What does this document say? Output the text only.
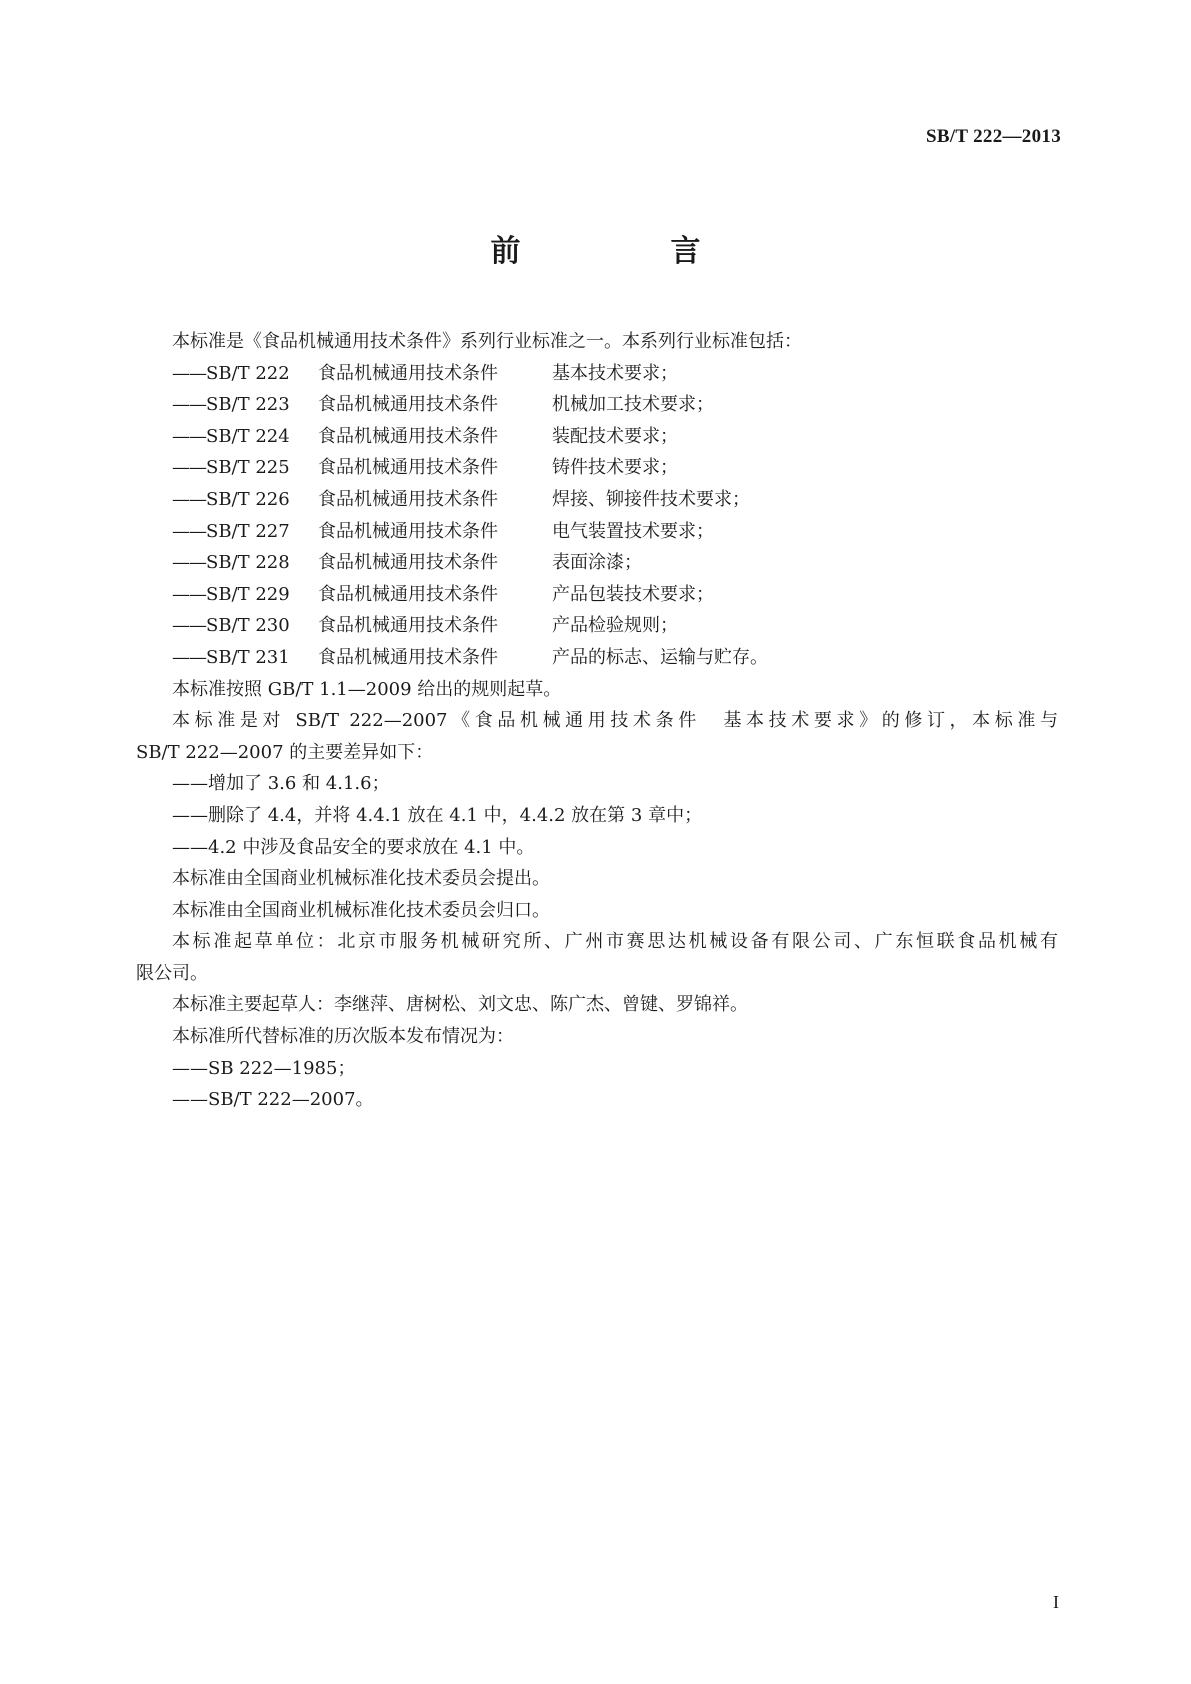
SB/T 222—2013
前　言

本标准是《食品机械通用技术条件》系列行业标准之一。本系列行业标准包括：

——SB/T 222 食品机械通用技术条件	基本技术要求；

——SB/T 223 食品机械通用技术条件	机械加工技术要求；

——SB/T 224 食品机械通用技术条件	装配技术要求；

——SB/T 225 食品机械通用技术条件	铸件技术要求；

——SB/T 226 食品机械通用技术条件	焊接、铆接件技术要求；

——SB/T 227 食品机械通用技术条件	电气装置技术要求；

——SB/T 228 食品机械通用技术条件	表面涂漆；

——SB/T 229 食品机械通用技术条件	产品包装技术要求；

——SB/T 230 食品机械通用技术条件	产品检验规则；

——SB/T 231 食品机械通用技术条件	产品的标志、运输与贮存。

本标准按照 GB/T 1.1—2009 给出的规则起草。

本标准是对 SB/T 222—2007《食品机械通用技术条件　基本技术要求》的修订，本标准与

SB/T 222—2007 的主要差异如下：

——增加了 3.6 和 4.1.6；

——删除了 4.4，并将 4.4.1 放在 4.1 中，4.4.2 放在第 3 章中；

——4.2 中涉及食品安全的要求放在 4.1 中。

本标准由全国商业机械标准化技术委员会提出。

本标准由全国商业机械标准化技术委员会归口。

本标准起草单位：北京市服务机械研究所、广州市赛思达机械设备有限公司、广东恒联食品机械有

限公司。

本标准主要起草人：李继萍、唐树松、刘文忠、陈广杰、曾键、罗锦祥。

本标准所代替标准的历次版本发布情况为：

——SB 222—1985；

——SB/T 222—2007。

I
